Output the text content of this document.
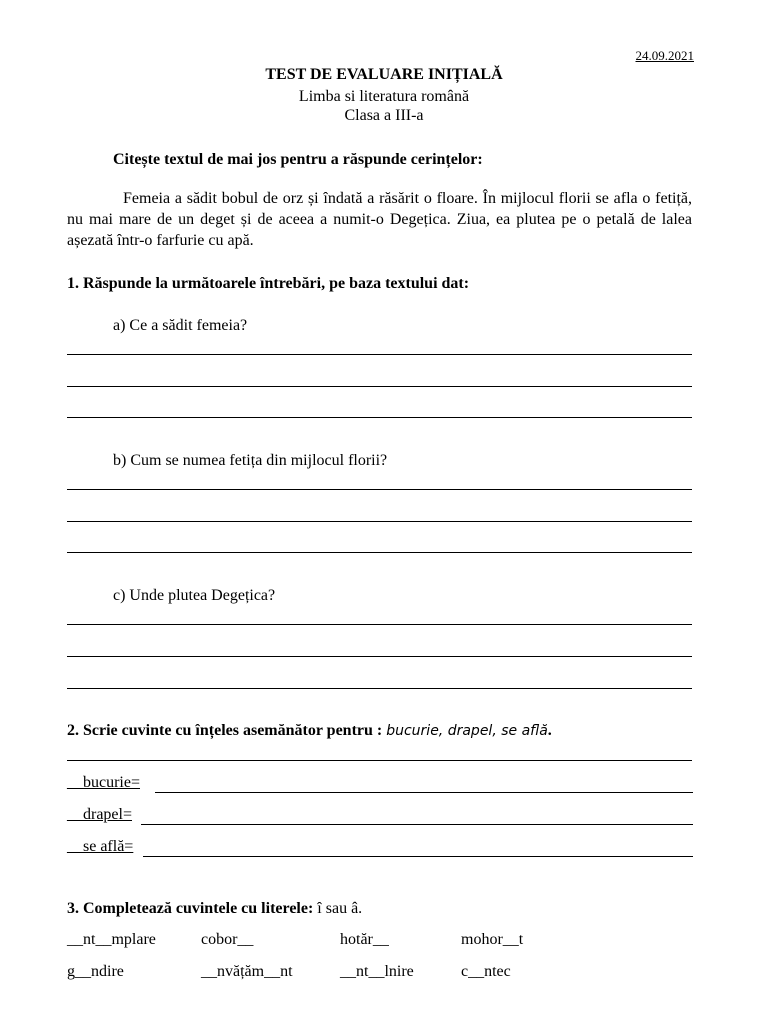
24.09.2021
TEST DE EVALUARE INIȚIALĂ
Limba si literatura română
Clasa a III-a
Citește textul de mai jos pentru a răspunde cerințelor:
Femeia a sădit bobul de orz și îndată a răsărit o floare. În mijlocul florii se afla o fetiță, nu mai mare de un deget și de aceea a numit-o Degețica. Ziua, ea plutea pe o petală de lalea așezată într-o farfurie cu apă.
1. Răspunde la următoarele întrebări, pe baza textului dat:
a) Ce a sădit femeia?
b) Cum se numea fetița din mijlocul florii?
c) Unde plutea Degețica?
2. Scrie cuvinte cu înțeles asemănător pentru : bucurie, drapel, se află.
__bucurie=
__drapel=
__se află=
3. Completează cuvintele cu literele: î sau â.
__nt__mplare	cobor__	hotăr__	mohor__t
g__ndire	__nvățăm__nt	__nt__lnire	c__ntec
